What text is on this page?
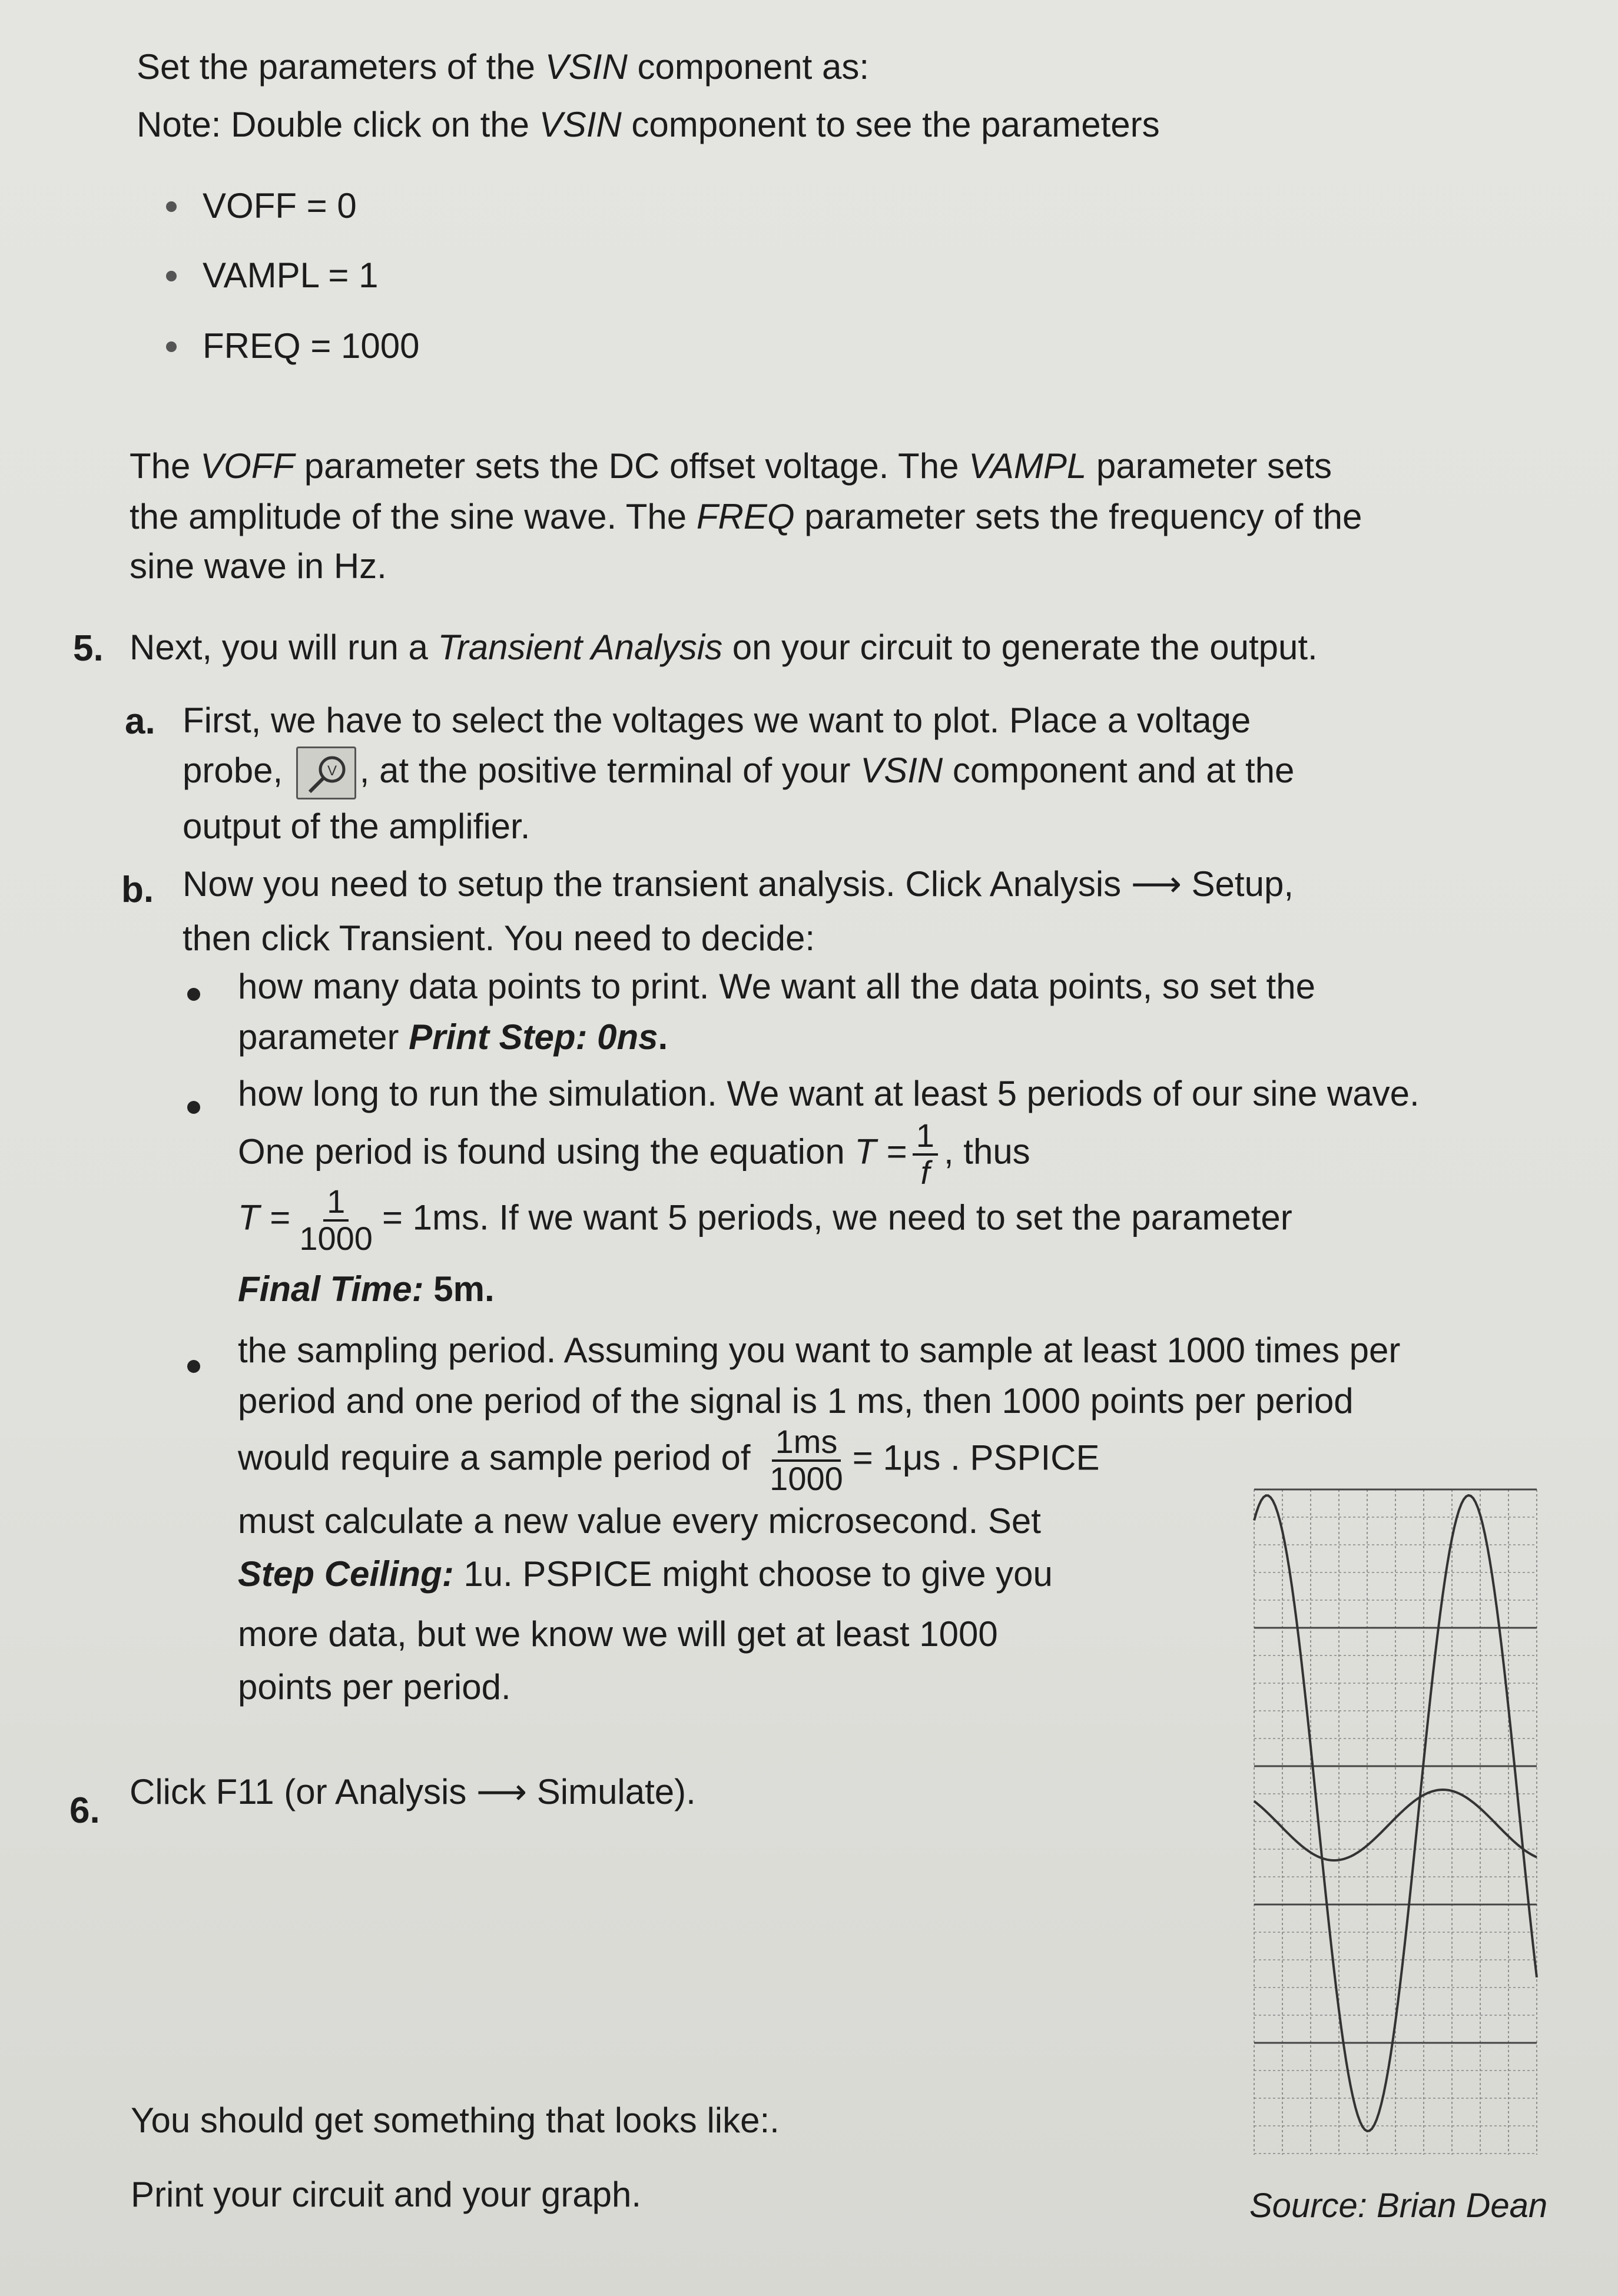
Set the parameters of the VSIN component as:
Note: Double click on the VSIN component to see the parameters
VOFF = 0
VAMPL = 1
FREQ = 1000
The VOFF parameter sets the DC offset voltage. The VAMPL parameter sets
the amplitude of the sine wave. The FREQ parameter sets the frequency of the
sine wave in Hz.
5. Next, you will run a Transient Analysis on your circuit to generate the output.
a. First, we have to select the voltages we want to plot. Place a voltage
probe, V , at the positive terminal of your VSIN component and at the
output of the amplifier.
b. Now you need to setup the transient analysis. Click Analysis ⟶ Setup,
then click Transient. You need to decide:
how many data points to print. We want all the data points, so set the
parameter Print Step: 0ns.
how long to run the simulation. We want at least 5 periods of our sine wave.
One period is found using the equation $T = \frac{1}{f}$ , thus
$T = \frac{1}{1000} = 1ms$. If we want 5 periods, we need to set the parameter
Final Time: 5m.
the sampling period. Assuming you want to sample at least 1000 times per
period and one period of the signal is 1 ms, then 1000 points per period
would require a sample period of $\frac{1ms}{1000} = 1\mu s$ . PSPICE
must calculate a new value every microsecond. Set
Step Ceiling: 1u. PSPICE might choose to give you
more data, but we know we will get at least 1000
points per period.
6. Click F11 (or Analysis ⟶ Simulate).
You should get something that looks like:.
Print your circuit and your graph.	Source: Brian Dean
